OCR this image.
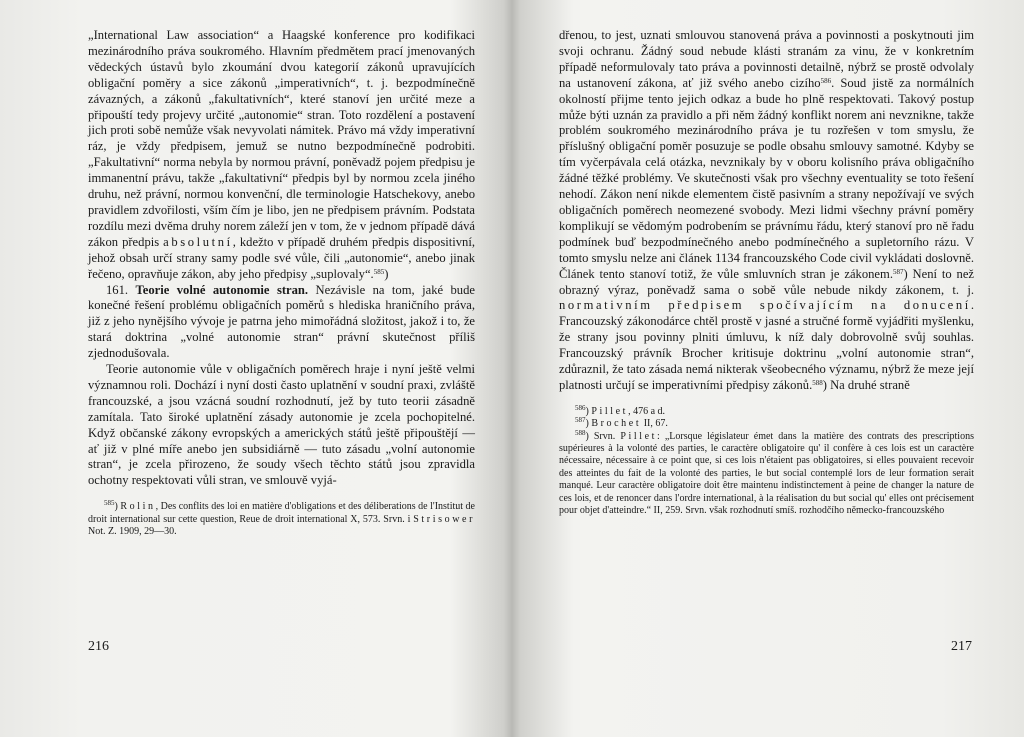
„International Law association“ a Haagské konference pro kodifikaci mezinárodního práva soukromého. Hlavním předmětem prací jmenovaných vědeckých ústavů bylo zkoumání dvou kategorií zákonů upravujících obligační poměry a sice zákonů „imperativních“, t. j. bezpodmínečně závazných, a zákonů „fakultativních“, které stanoví jen určité meze a připouští tedy projevy určité „autonomie“ stran. Toto rozdělení a postavení jich proti sobě nemůže však nevyvolati námitek. Právo má vždy imperativní ráz, je vždy předpisem, jemuž se nutno bezpodmínečně podrobiti. „Fakultativní“ norma nebyla by normou právní, poněvadž pojem předpisu je immanentní právu, takže „fakultativní“ předpis byl by normou zcela jiného druhu, než právní, normou konvenční, dle terminologie Hatschekovy, anebo pravidlem zdvořilosti, vším čím je libo, jen ne předpisem právním. Podstata rozdílu mezi dvěma druhy norem záleží jen v tom, že v jednom případě dává zákon předpis absolutní, kdežto v případě druhém předpis dispositivní, jehož obsah určí strany samy podle své vůle, čili „autonomie“, anebo jinak řečeno, opravňuje zákon, aby jeho předpisy „suplovaly“.$^{585}$)

161. Teorie volné autonomie stran. Nezávisle na tom, jaké bude konečné řešení problému obligačních poměrů s hlediska hraničního práva, již z jeho nynějšího vývoje je patrna jeho mimořádná složitost, jakož i to, že stará doktrina „volné autonomie stran“ právní skutečnost příliš zjednodušovala.

Teorie autonomie vůle v obligačních poměrech hraje i nyní ještě velmi významnou roli. Dochází i nyní dosti často uplatnění v soudní praxi, zvláště francouzské, a jsou vzácná soudní rozhodnutí, jež by tuto teorii zásadně zamítala. Tato široké uplatnění zásady autonomie je zcela pochopitelné. Když občanské zákony evropských a amerických států ještě připouštějí — ať již v plné míře anebo jen subsidiárně — tuto zásadu „volní autonomie stran“, je zcela přirozeno, že soudy všech těchto států jsou zpravidla ochotny respektovati vůli stran, ve smlouvě vyjá-

$^{585}$) Rolin, Des conflits des loi en matière d'obligations et des déliberations de l'Institut de droit international sur cette question, Reue de droit international X, 573. Srvn. i Strisower Not. Z. 1909, 29—30.

216

dřenou, to jest, uznati smlouvou stanovená práva a povinnosti a poskytnouti jim svoji ochranu. Žádný soud nebude klásti stranám za vinu, že v konkretním případě neformulovaly tato práva a povinnosti detailně, nýbrž se prostě odvolaly na ustanovení zákona, ať již svého anebo cizího$^{586}$. Soud jistě za normálních okolností přijme tento jejich odkaz a bude ho plně respektovati. Takový postup může býti uznán za pravidlo a při něm žádný konflikt norem ani nevznikne, takže problém soukromého mezinárodního práva je tu rozřešen v tom smyslu, že příslušný obligační poměr posuzuje se podle obsahu smlouvy samotné. Kdyby se tím vyčerpávala celá otázka, nevznikaly by v oboru kolisního práva obligačního žádné těžké problémy. Ve skutečnosti však pro všechny eventuality se toto řešení nehodí. Zákon není nikde elementem čistě pasivním a strany nepožívají ve svých obligačních poměrech neomezené svobody. Mezi lidmi všechny právní poměry komplikují se vědomým podrobením se právnímu řádu, který stanoví pro ně řadu podmínek buď bezpodmínečného anebo podmínečného a supletorního rázu. V tomto smyslu nelze ani článek 1134 francouzského Code civil vykládati doslovně. Článek tento stanoví totiž, že vůle smluvních stran je zákonem.$^{587}$) Není to než obrazný výraz, poněvadž sama o sobě vůle nebude nikdy zákonem, t. j. normativním předpisem spočívajícím na donucení. Francouzský zákonodárce chtěl prostě v jasné a stručné formě vyjádřiti myšlenku, že strany jsou povinny plniti úmluvu, k níž daly dobrovolně svůj souhlas. Francouzský právník Brocher kritisuje doktrinu „volní autonomie stran“, zdůraznil, že tato zásada nemá nikterak všeobecného významu, nýbrž že meze její platnosti určují se imperativními předpisy zákonů.$^{588}$) Na druhé straně

$^{586}$) Pillet, 476 a d.

$^{587}$) Brochet II, 67.

$^{588}$) Srvn. Pillet: „Lorsque législateur émet dans la matière des contrats des prescriptions supérieures à la volonté des parties, le caractère obligatoire qu' il confère à ces lois est un caractère nécessaire, nécessaire à ce point que, si ces lois n'étaient pas obligatoires, si elles pouvaient recevoir des atteintes du fait de la volonté des parties, le but social contemplé lors de leur formation serait manqué. Leur caractère obligatoire doit être maintenu indistinctement à peine de changer la nature de ces lois, et de renoncer dans l'ordre international, à la réalisation du but social qu' elles ont précisement pour objet d'atteindre.“ II, 259. Srvn. však rozhodnutí smíš. rozhodčího německo-francouzského

217
